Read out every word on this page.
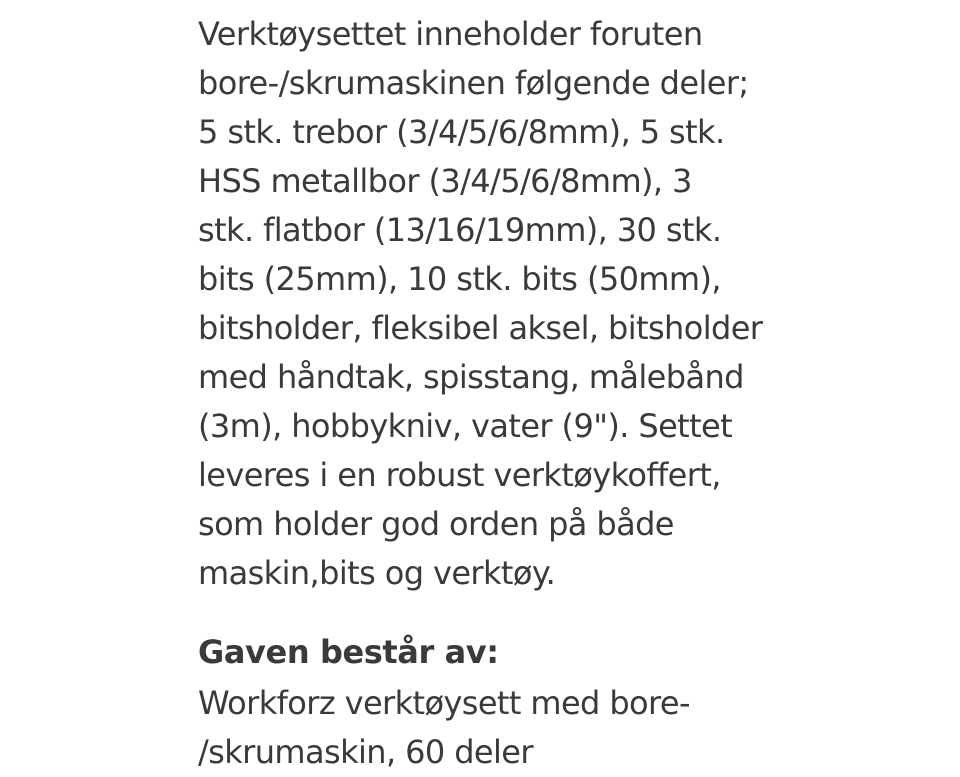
Verktøysettet inneholder foruten
bore-/skrumaskinen følgende deler;
5 stk. trebor (3/4/5/6/8mm), 5 stk.
HSS metallbor (3/4/5/6/8mm), 3
stk. flatbor (13/16/19mm), 30 stk.
bits (25mm), 10 stk. bits (50mm),
bitsholder, fleksibel aksel, bitsholder
med håndtak, spisstang, målebånd
(3m), hobbykniv, vater (9"). Settet
leveres i en robust verktøykoffert,
som holder god orden på både
maskin,bits og verktøy.
Gaven består av:
Workforz verktøysett med bore-
/skrumaskin, 60 deler
